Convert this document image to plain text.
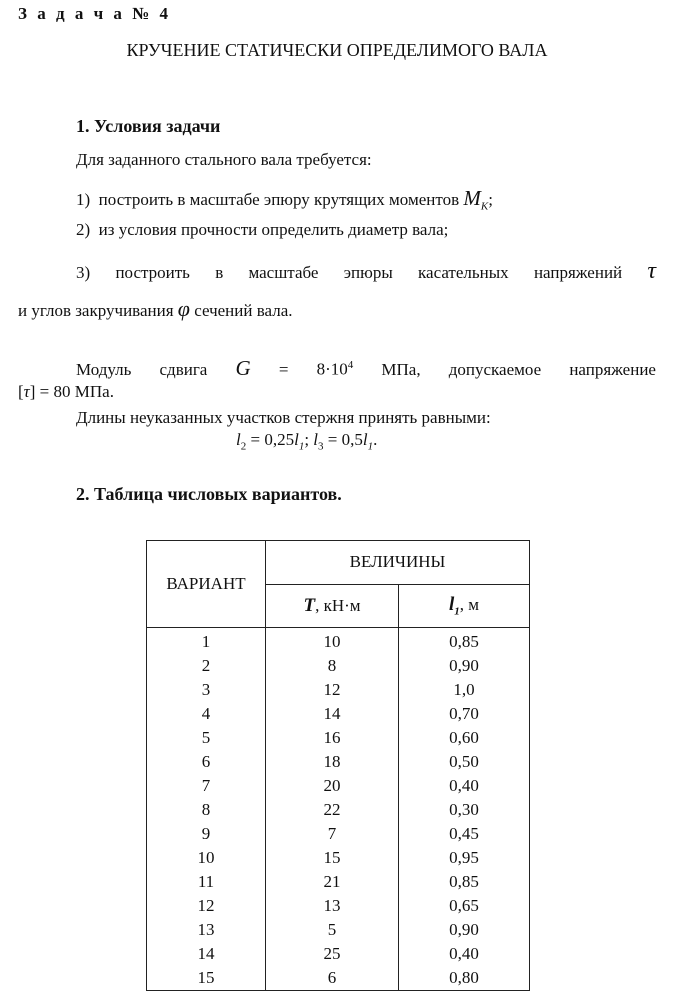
З а д а ч а № 4
КРУЧЕНИЕ СТАТИЧЕСКИ ОПРЕДЕЛИМОГО ВАЛА
1. Условия задачи
Для заданного стального вала требуется:
1) построить в масштабе эпюру крутящих моментов $M_K$;
2) из условия прочности определить диаметр вала;
3) построить в масштабе эпюры касательных напряжений τ
и углов закручивания φ сечений вала.
Модуль сдвига $G = 8\cdot 10^4$ МПа, допускаемое напряжение
[τ] = 80 МПа.
Длины неуказанных участков стержня принять равными:
$l_2 = 0,25l_1$; $l_3 = 0,5l_1$.
2. Таблица числовых вариантов.
ВАРИАНТ	ВЕЛИЧИНЫ	
	T, кН·м	$l_1$, м
1	10	0,85
2	8	0,90
3	12	1,0
4	14	0,70
5	16	0,60
6	18	0,50
7	20	0,40
8	22	0,30
9	7	0,45
10	15	0,95
11	21	0,85
12	13	0,65
13	5	0,90
14	25	0,40
15	6	0,80
